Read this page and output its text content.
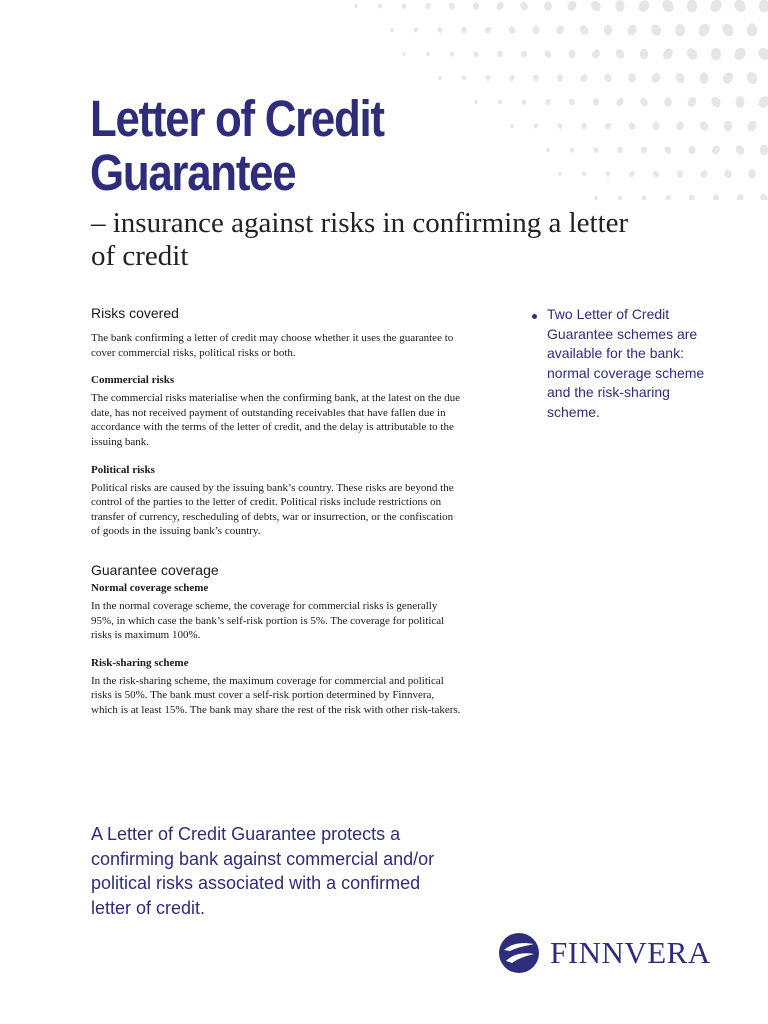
Letter of Credit
Guarantee
– insurance against risks in confirming a letter of credit
Risks covered

The bank confirming a letter of credit may choose whether it uses the guarantee to cover commercial risks, political risks or both.

Commercial risks

The commercial risks materialise when the confirming bank, at the latest on the due date, has not received payment of outstanding receivables that have fallen due in accordance with the terms of the letter of credit, and the delay is attributable to the issuing bank.

Political risks

Political risks are caused by the issuing bank’s country. These risks are beyond the control of the parties to the letter of credit. Political risks include restrictions on transfer of currency, rescheduling of debts, war or insurrection, or the confiscation of goods in the issuing bank’s country.

Guarantee coverage
Normal coverage scheme

In the normal coverage scheme, the coverage for commercial risks is generally 95%, in which case the bank’s self-risk portion is 5%. The coverage for political risks is maximum 100%.

Risk-sharing scheme

In the risk-sharing scheme, the maximum coverage for commercial and political risks is 50%. The bank must cover a self-risk portion determined by Finnvera, which is at least 15%. The bank may share the rest of the risk with other risk-takers.

Two Letter of Credit Guarantee schemes are available for the bank: normal coverage scheme and the risk-sharing scheme.
A Letter of Credit Guarantee protects a confirming bank against commercial and/or political risks associated with a confirmed letter of credit.
FINNVERA
